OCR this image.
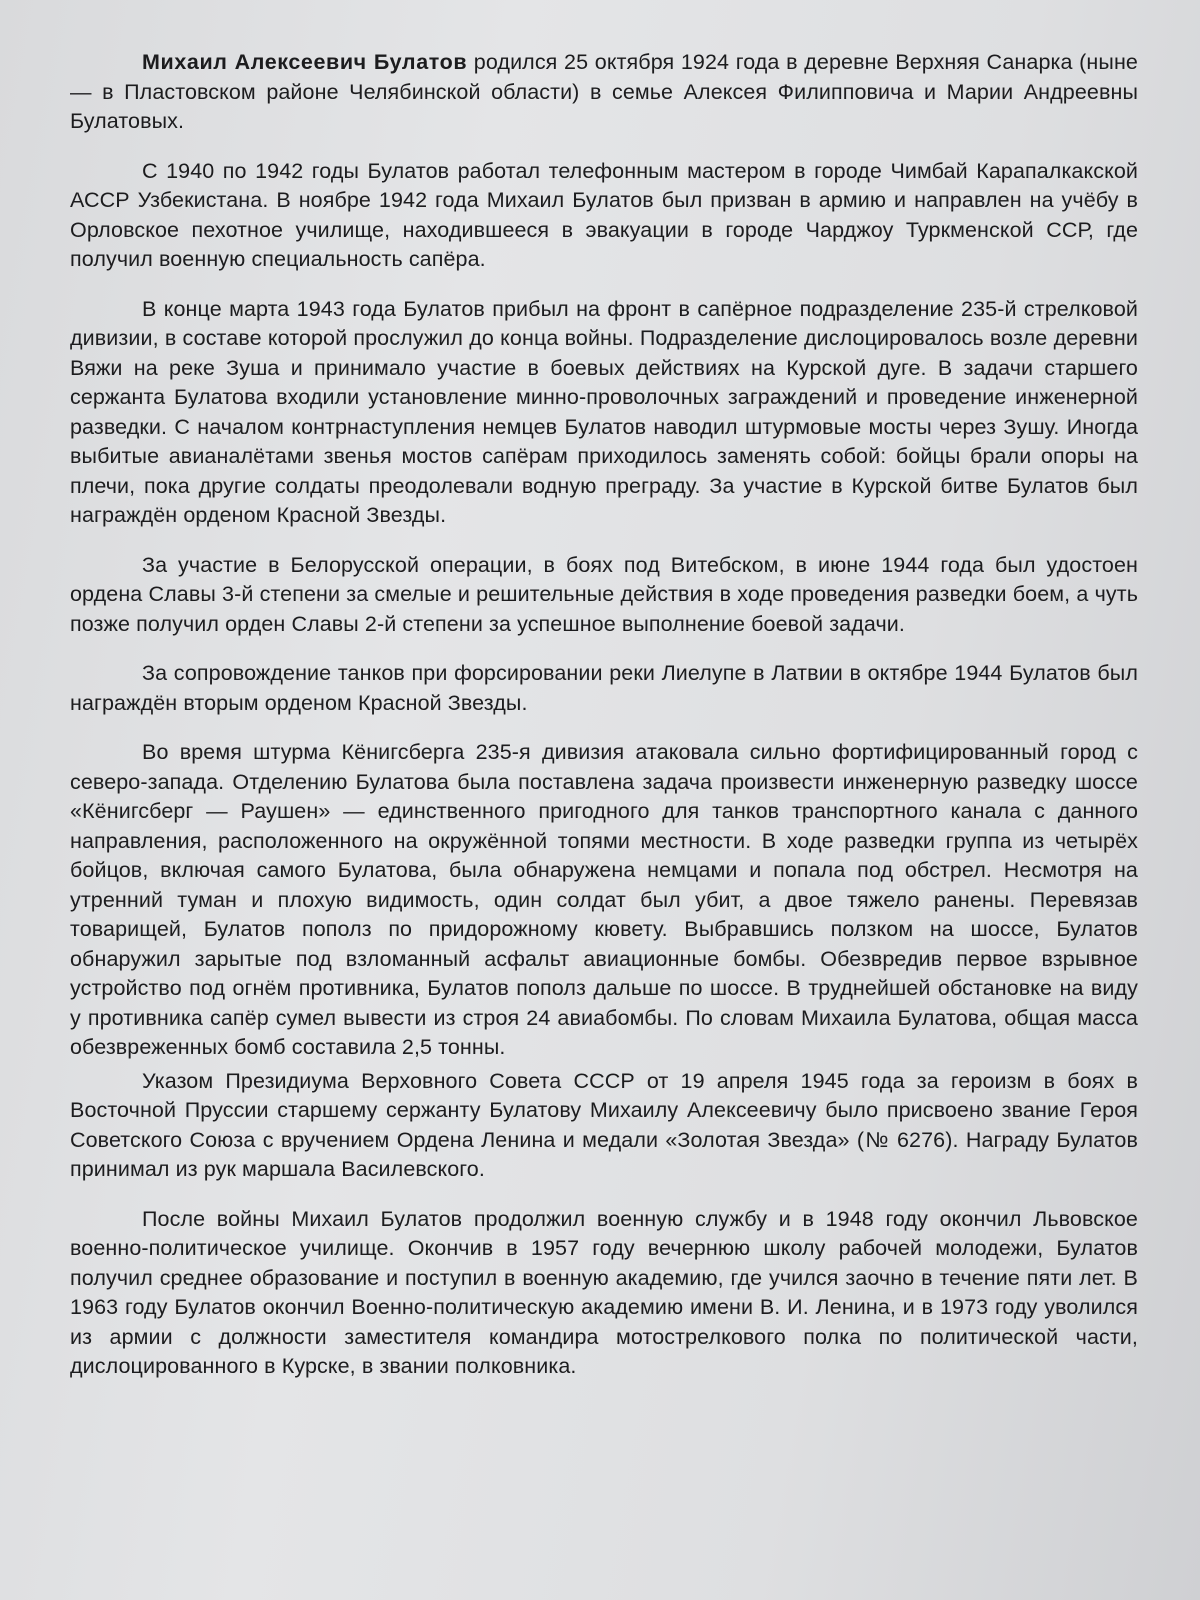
Михаил Алексеевич Булатов родился 25 октября 1924 года в деревне Верхняя Санарка (ныне — в Пластовском районе Челябинской области) в семье Алексея Филипповича и Марии Андреевны Булатовых.

С 1940 по 1942 годы Булатов работал телефонным мастером в городе Чимбай Карапалкакской АССР Узбекистана. В ноябре 1942 года Михаил Булатов был призван в армию и направлен на учёбу в Орловское пехотное училище, находившееся в эвакуации в городе Чарджоу Туркменской ССР, где получил военную специальность сапёра.

В конце марта 1943 года Булатов прибыл на фронт в сапёрное подразделение 235-й стрелковой дивизии, в составе которой прослужил до конца войны. Подразделение дислоцировалось возле деревни Вяжи на реке Зуша и принимало участие в боевых действиях на Курской дуге. В задачи старшего сержанта Булатова входили установление минно-проволочных заграждений и проведение инженерной разведки. С началом контрнаступления немцев Булатов наводил штурмовые мосты через Зушу. Иногда выбитые авианалётами звенья мостов сапёрам приходилось заменять собой: бойцы брали опоры на плечи, пока другие солдаты преодолевали водную преграду. За участие в Курской битве Булатов был награждён орденом Красной Звезды.

За участие в Белорусской операции, в боях под Витебском, в июне 1944 года был удостоен ордена Славы 3-й степени за смелые и решительные действия в ходе проведения разведки боем, а чуть позже получил орден Славы 2-й степени за успешное выполнение боевой задачи.

За сопровождение танков при форсировании реки Лиелупе в Латвии в октябре 1944 Булатов был награждён вторым орденом Красной Звезды.

Во время штурма Кёнигсберга 235-я дивизия атаковала сильно фортифицированный город с северо-запада. Отделению Булатова была поставлена задача произвести инженерную разведку шоссе «Кёнигсберг — Раушен» — единственного пригодного для танков транспортного канала с данного направления, расположенного на окружённой топями местности. В ходе разведки группа из четырёх бойцов, включая самого Булатова, была обнаружена немцами и попала под обстрел. Несмотря на утренний туман и плохую видимость, один солдат был убит, а двое тяжело ранены. Перевязав товарищей, Булатов пополз по придорожному кювету. Выбравшись ползком на шоссе, Булатов обнаружил зарытые под взломанный асфальт авиационные бомбы. Обезвредив первое взрывное устройство под огнём противника, Булатов пополз дальше по шоссе. В труднейшей обстановке на виду у противника сапёр сумел вывести из строя 24 авиабомбы. По словам Михаила Булатова, общая масса обезвреженных бомб составила 2,5 тонны.

Указом Президиума Верховного Совета СССР от 19 апреля 1945 года за героизм в боях в Восточной Пруссии старшему сержанту Булатову Михаилу Алексеевичу было присвоено звание Героя Советского Союза с вручением Ордена Ленина и медали «Золотая Звезда» (№ 6276). Награду Булатов принимал из рук маршала Василевского.

После войны Михаил Булатов продолжил военную службу и в 1948 году окончил Львовское военно-политическое училище. Окончив в 1957 году вечернюю школу рабочей молодежи, Булатов получил среднее образование и поступил в военную академию, где учился заочно в течение пяти лет. В 1963 году Булатов окончил Военно-политическую академию имени В. И. Ленина, и в 1973 году уволился из армии с должности заместителя командира мотострелкового полка по политической части, дислоцированного в Курске, в звании полковника.
